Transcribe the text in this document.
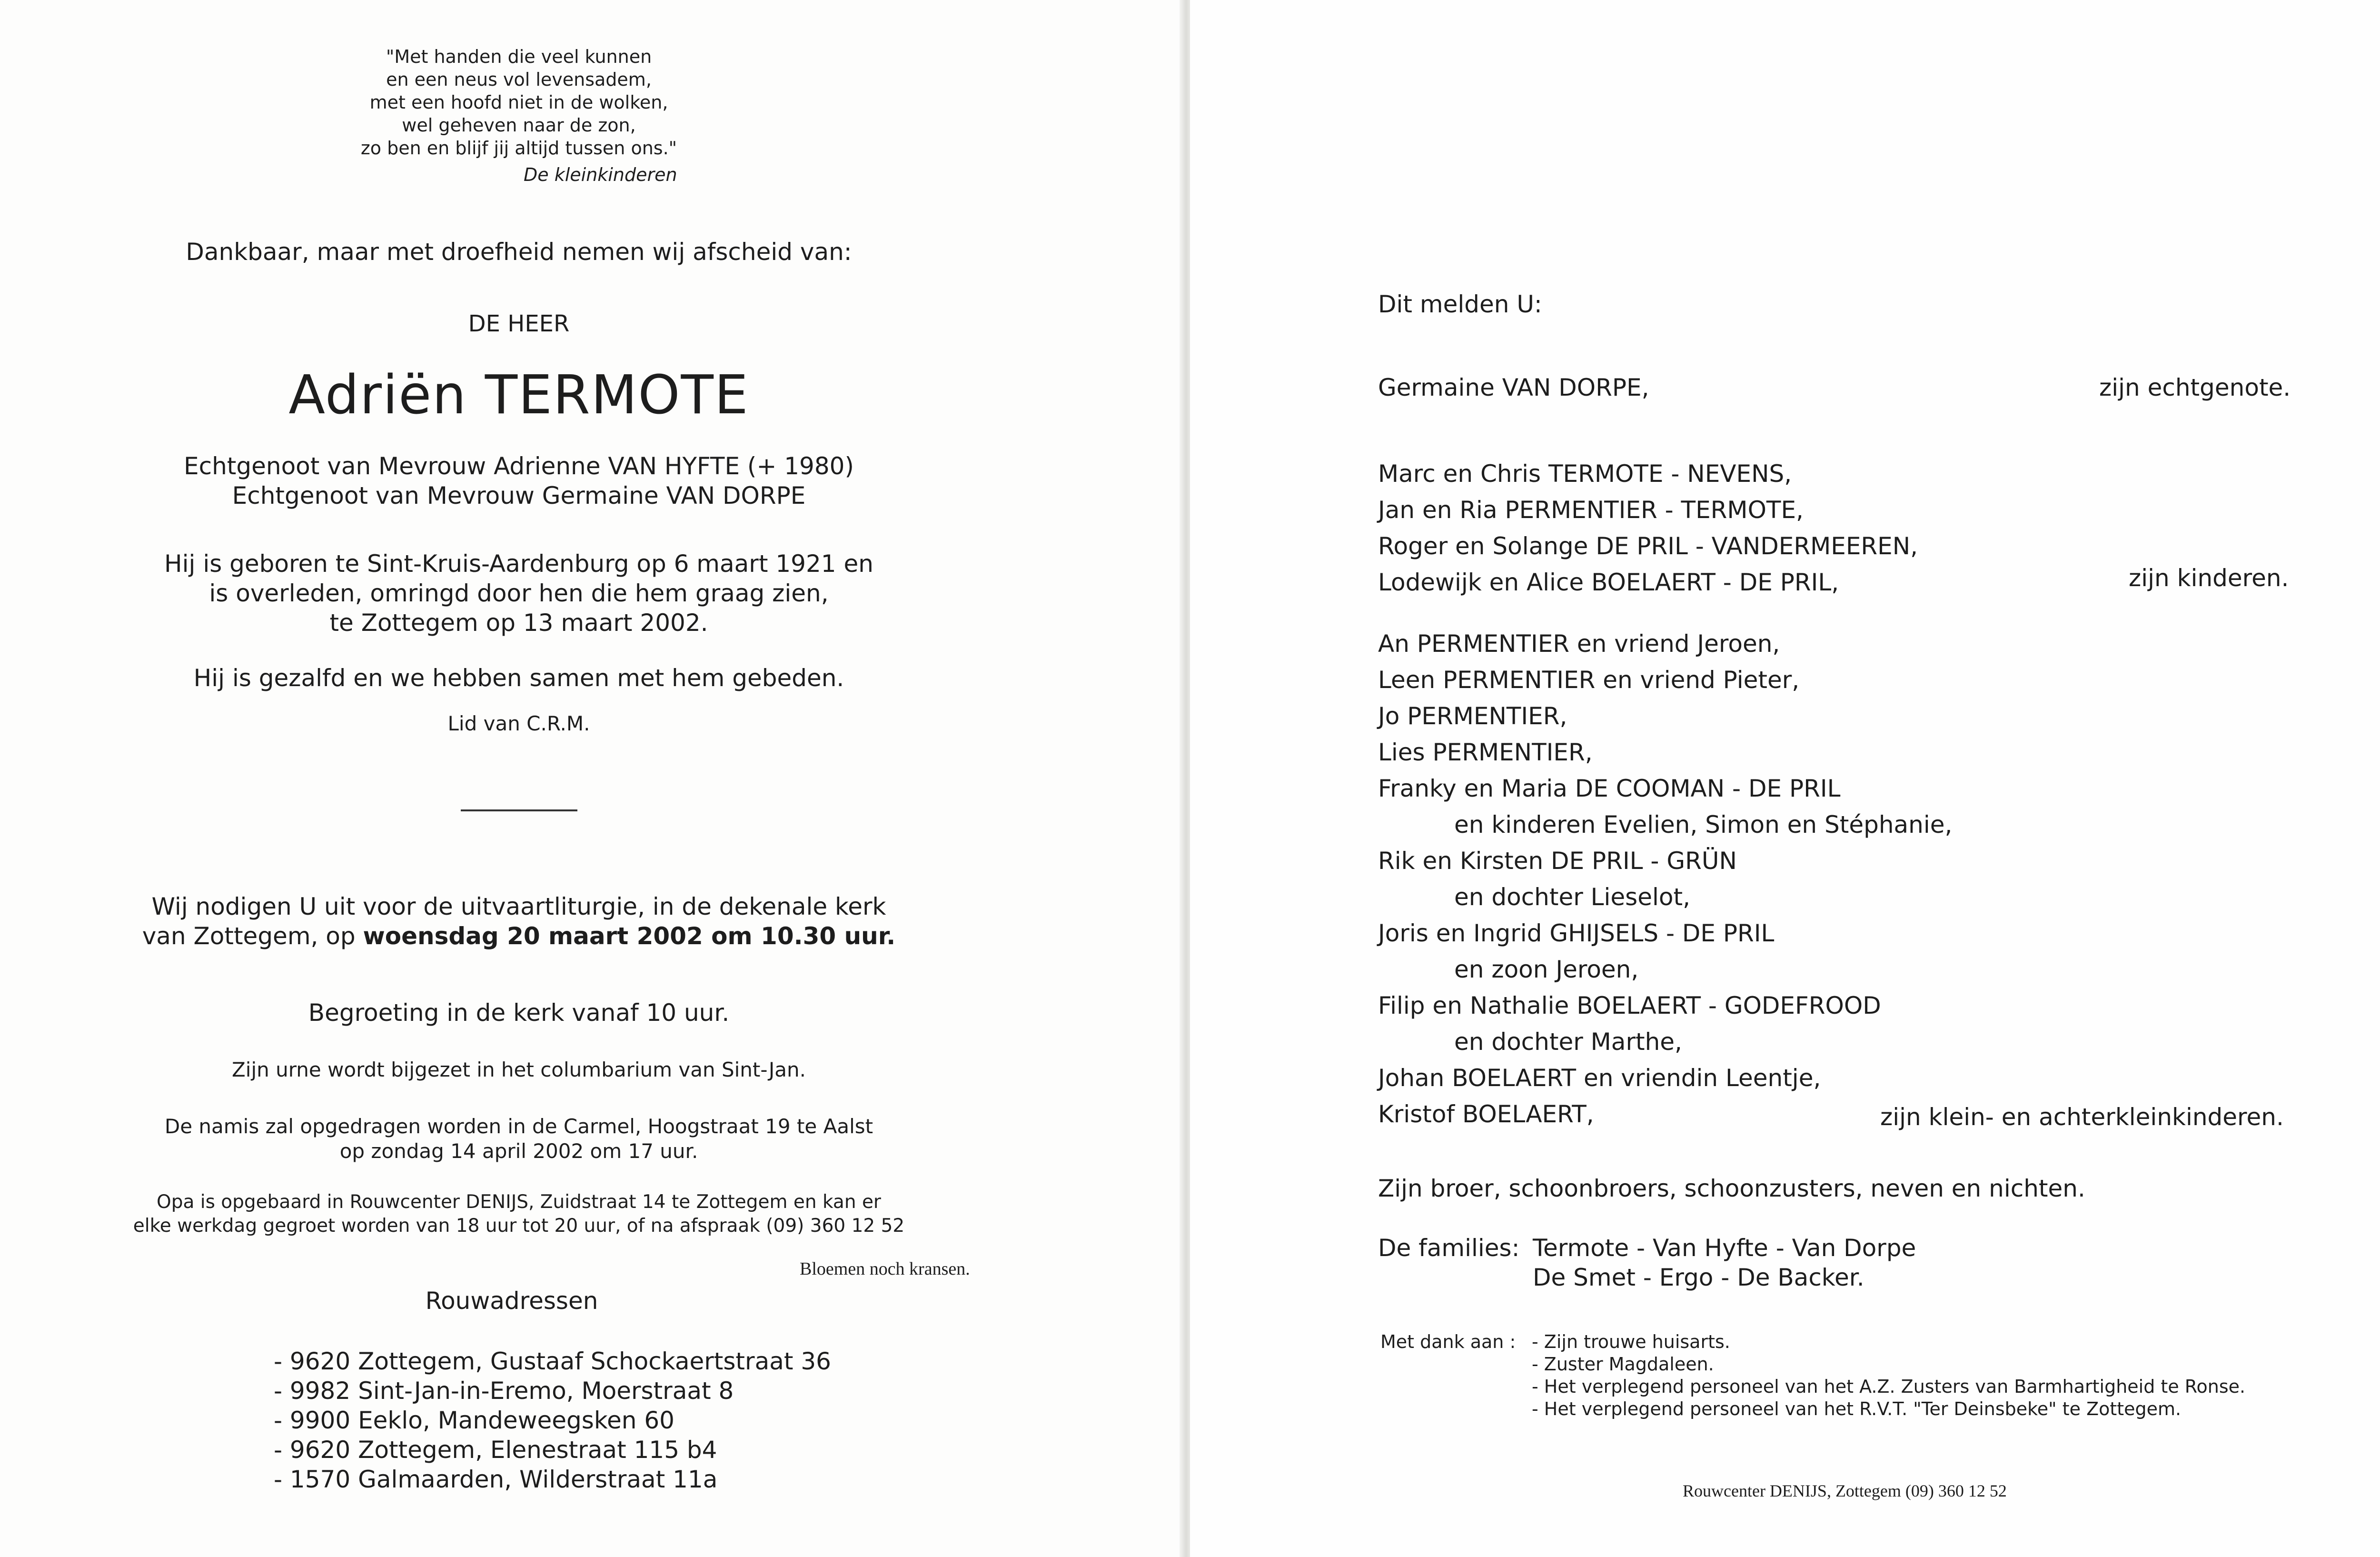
"Met handen die veel kunnen
en een neus vol levensadem,
met een hoofd niet in de wolken,
wel geheven naar de zon,
zo ben en blijf jij altijd tussen ons."
De kleinkinderen
Dankbaar, maar met droefheid nemen wij afscheid van:
DE HEER
Adriën TERMOTE
Echtgenoot van Mevrouw Adrienne VAN HYFTE (+ 1980)
Echtgenoot van Mevrouw Germaine VAN DORPE
Hij is geboren te Sint-Kruis-Aardenburg op 6 maart 1921 en
is overleden, omringd door hen die hem graag zien,
te Zottegem op 13 maart 2002.
Hij is gezalfd en we hebben samen met hem gebeden.
Lid van C.R.M.
Wij nodigen U uit voor de uitvaartliturgie, in de dekenale kerk
van Zottegem, op woensdag 20 maart 2002 om 10.30 uur.
Begroeting in de kerk vanaf 10 uur.
Zijn urne wordt bijgezet in het columbarium van Sint-Jan.
De namis zal opgedragen worden in de Carmel, Hoogstraat 19 te Aalst
op zondag 14 april 2002 om 17 uur.
Opa is opgebaard in Rouwcenter DENIJS, Zuidstraat 14 te Zottegem en kan er
elke werkdag gegroet worden van 18 uur tot 20 uur, of na afspraak (09) 360 12 52
Bloemen noch kransen.
Rouwadressen
- 9620 Zottegem, Gustaaf Schockaertstraat 36
- 9982 Sint-Jan-in-Eremo, Moerstraat 8
- 9900 Eeklo, Mandeweegsken 60
- 9620 Zottegem, Elenestraat 115 b4
- 1570 Galmaarden, Wilderstraat 11a
Dit melden U:
Germaine VAN DORPE,	zijn echtgenote.
Marc en Chris TERMOTE - NEVENS,
Jan en Ria PERMENTIER - TERMOTE,
Roger en Solange DE PRIL - VANDERMEEREN,
Lodewijk en Alice BOELAERT - DE PRIL,	zijn kinderen.
An PERMENTIER en vriend Jeroen,
Leen PERMENTIER en vriend Pieter,
Jo PERMENTIER,
Lies PERMENTIER,
Franky en Maria DE COOMAN - DE PRIL
en kinderen Evelien, Simon en Stéphanie,
Rik en Kirsten DE PRIL - GRÜN
en dochter Lieselot,
Joris en Ingrid GHIJSELS - DE PRIL
en zoon Jeroen,
Filip en Nathalie BOELAERT - GODEFROOD
en dochter Marthe,
Johan BOELAERT en vriendin Leentje,
Kristof BOELAERT,	zijn klein- en achterkleinkinderen.
Zijn broer, schoonbroers, schoonzusters, neven en nichten.
De families: Termote - Van Hyfte - Van Dorpe
De Smet - Ergo - De Backer.
Met dank aan : - Zijn trouwe huisarts.
- Zuster Magdaleen.
- Het verplegend personeel van het A.Z. Zusters van Barmhartigheid te Ronse.
- Het verplegend personeel van het R.V.T. "Ter Deinsbeke" te Zottegem.
Rouwcenter DENIJS, Zottegem (09) 360 12 52
